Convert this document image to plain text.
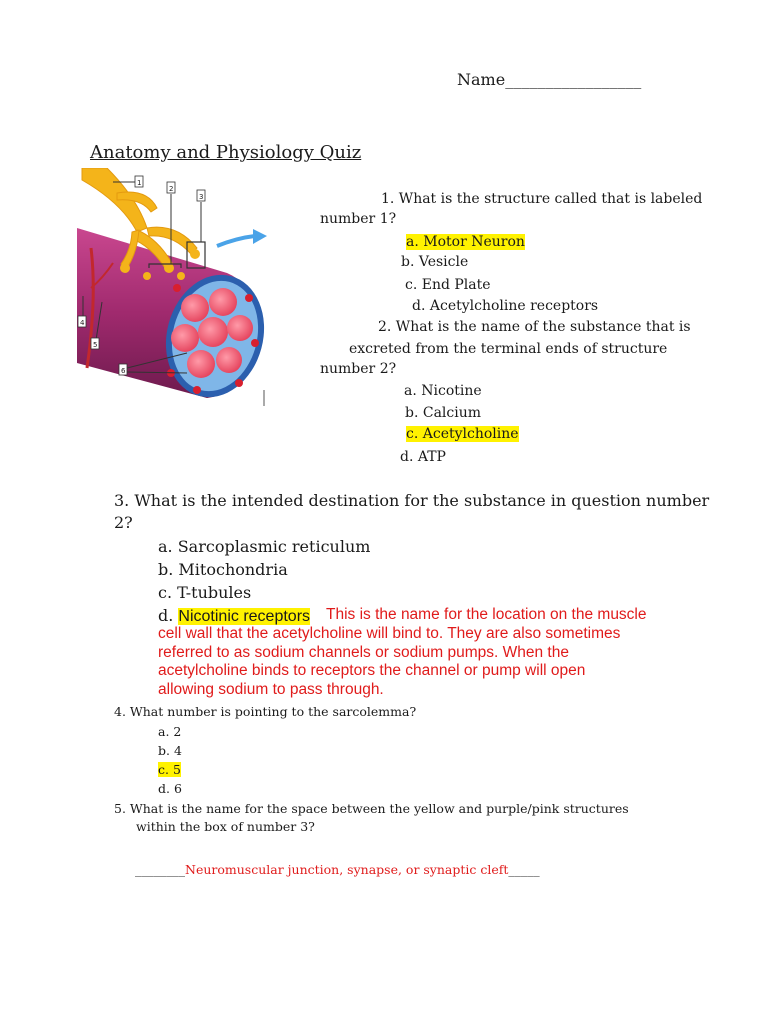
Name_________________
Anatomy and Physiology Quiz
1
2
3
4
5
6
1. What is the structure called that is labeled
number 1?
a. Motor Neuron
b. Vesicle
c. End Plate
d. Acetylcholine receptors
2. What is the name of the substance that is
excreted from the terminal ends of structure
number 2?
a. Nicotine
b. Calcium
c. Acetylcholine
d. ATP
3. What is the intended destination for the substance in question number
2?
a. Sarcoplasmic reticulum
b. Mitochondria
c. T-tubules
d. Nicotinic receptors This is the name for the location on the muscle
cell wall that the acetylcholine will bind to. They are also sometimes
referred to as sodium channels or sodium pumps. When the
acetylcholine binds to receptors the channel or pump will open
allowing sodium to pass through.
4. What number is pointing to the sarcolemma?
a. 2
b. 4
c. 5
d. 6
5. What is the name for the space between the yellow and purple/pink structures
within the box of number 3?
________Neuromuscular junction, synapse, or synaptic cleft_____
